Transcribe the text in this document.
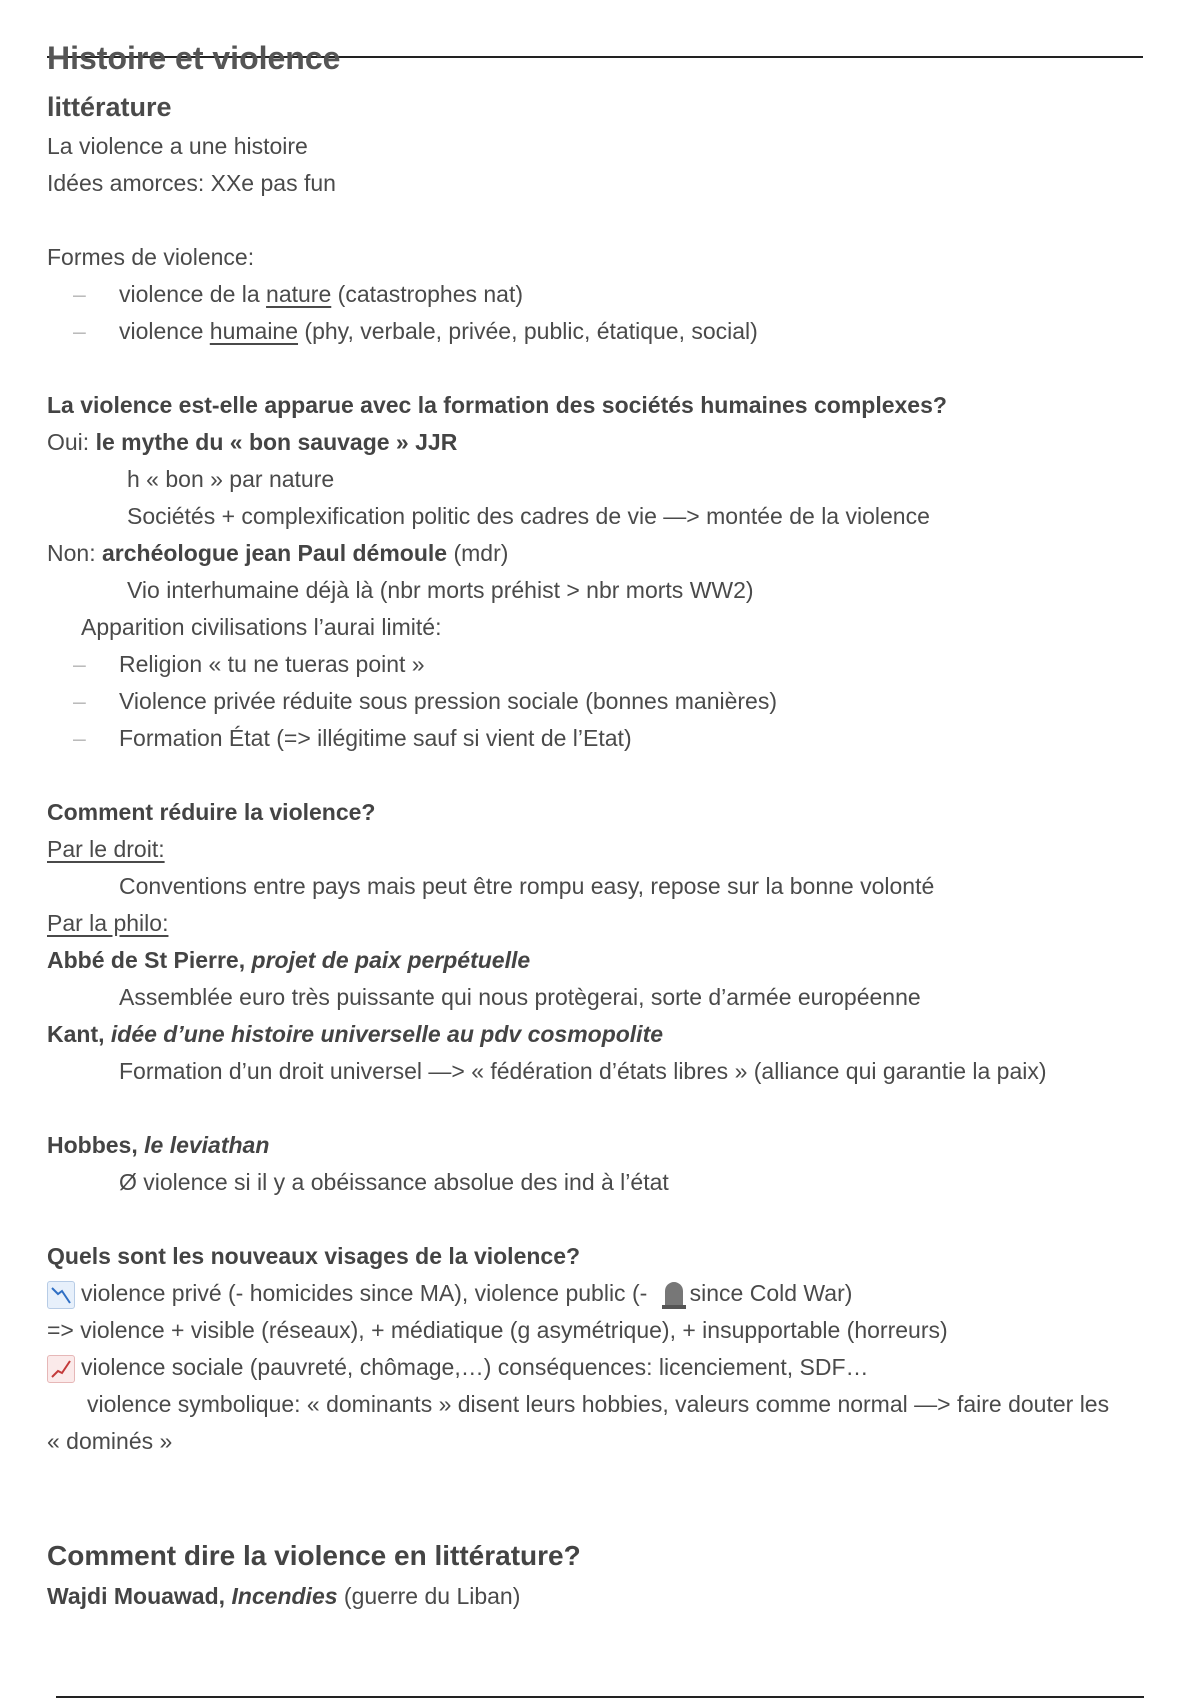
Histoire et violence
littérature
La violence a une histoire
Idées amorces: XXe pas fun
Formes de violence:
– violence de la nature (catastrophes nat)
– violence humaine (phy, verbale, privée, public, étatique, social)
La violence est-elle apparue avec la formation des sociétés humaines complexes?
Oui: le mythe du « bon sauvage » JJR
h « bon » par nature
Sociétés + complexification politic des cadres de vie —> montée de la violence
Non: archéologue jean Paul démoule (mdr)
Vio interhumaine déjà là (nbr morts préhist > nbr morts WW2)
Apparition civilisations l’aurai limité:
– Religion « tu ne tueras point »
– Violence privée réduite sous pression sociale (bonnes manières)
– Formation État (=> illégitime sauf si vient de l’Etat)
Comment réduire la violence?
Par le droit:
Conventions entre pays mais peut être rompu easy, repose sur la bonne volonté
Par la philo:
Abbé de St Pierre, projet de paix perpétuelle
Assemblée euro très puissante qui nous protègerai, sorte d’armée européenne
Kant, idée d’une histoire universelle au pdv cosmopolite
Formation d’un droit universel —> « fédération d’états libres » (alliance qui garantie la paix)
Hobbes, le leviathan
Ø violence si il y a obéissance absolue des ind à l’état
Quels sont les nouveaux visages de la violence?
violence privé (- homicides since MA), violence public (- since Cold War)
=> violence + visible (réseaux), + médiatique (g asymétrique), + insupportable (horreurs)
violence sociale (pauvreté, chômage,…) conséquences: licenciement, SDF…
violence symbolique: « dominants » disent leurs hobbies, valeurs comme normal —> faire douter les « dominés »
Comment dire la violence en littérature?
Wajdi Mouawad, Incendies (guerre du Liban)
